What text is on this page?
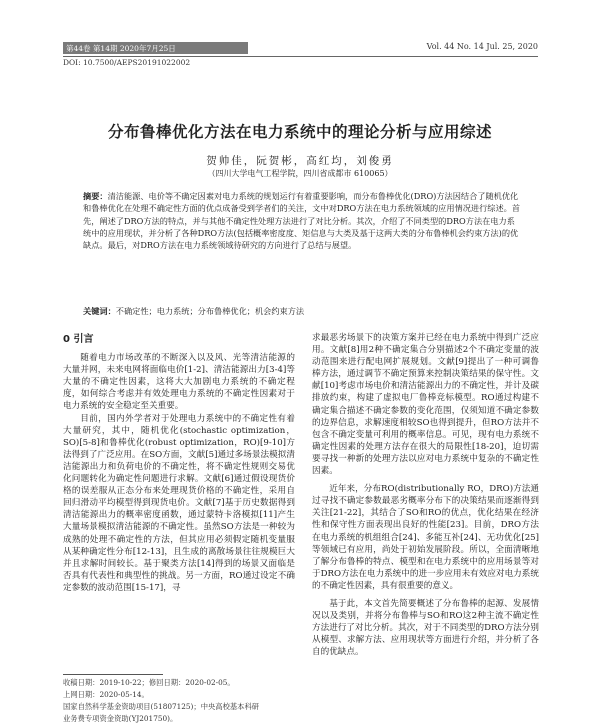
第44卷 第14期 2020年7月25日	Vol. 44 No. 14 Jul. 25, 2020
DOI: 10.7500/AEPS20191022002
分布鲁棒优化方法在电力系统中的理论分析与应用综述
贺帅佳，阮贺彬，高红均，刘俊勇
（四川大学电气工程学院，四川省成都市 610065）
摘要：清洁能源、电价等不确定因素对电力系统的规划运行有着重要影响，而分布鲁棒优化(DRO)方法因结合了随机优化和鲁棒优化在处理不确定性方面的优点成备受到学者们的关注，文中对DRO方法在电力系统领域的应用情况进行综述。首先，阐述了DRO方法的特点，并与其他不确定性处理方法进行了对比分析。其次，介绍了不同类型的DRO方法在电力系统中的应用现状，并分析了各种DRO方法(包括概率密度度、矩信息与大类及基于这两大类的分布鲁棒机会约束方法)的优缺点。最后，对DRO方法在电力系统领域待研究的方向进行了总结与展望。
关键词：不确定性；电力系统；分布鲁棒优化；机会约束方法
0 引言

随着电力市场改革的不断深入以及风、光等清洁能源的大量并网，未来电网将面临电价[1-2]、清洁能源出力[3-4]等大量的不确定性因素，这将大大加剧电力系统的不确定程度，如何综合考虑并有效处理电力系统的不确定性因素对于电力系统的安全稳定至关重要。

目前，国内外学者对于处理电力系统中的不确定性有着大量研究，其中，随机优化(stochastic optimization，SO)[5-8]和鲁棒优化(robust optimization，RO)[9-10]方法得到了广泛应用。在SO方面，文献[5]通过多场景法模拟清洁能源出力和负荷电价的不确定性，将不确定性规则交易优化问题转化为确定性问题进行求解。文献[6]通过假设现货价格的误差服从正态分布来处理现货价格的不确定性，采用自回归滑动平均模型得到现货电价。文献[7]基于历史数据得到清洁能源出力的概率密度函数，通过蒙特卡洛模拟[11]产生大量场景模拟清洁能源的不确定性。虽然SO方法是一种较为成熟的处理不确定性的方法，但其应用必须假定随机变量服从某种确定性分布[12-13]，且生成的离散场景往往规模巨大并且求解时间较长。基于聚类方法[14]得到的场景又面临是否具有代表性和典型性的挑战。另一方面，RO通过设定不确定参数的波动范围[15-17]，寻

求最恶劣场景下的决策方案并已经在电力系统中得到广泛应用。文献[8]用2种不确定集合分别描述2个不确定变量的波动范围来进行配电网扩展规划。文献[9]提出了一种可调鲁棒方法，通过调节不确定预算来控制决策结果的保守性。文献[10]考虑市场电价和清洁能源出力的不确定性，并计及碳排放约束，构建了虚拟电厂鲁棒竞标模型。RO通过构建不确定集合描述不确定参数的变化范围，仅须知道不确定参数的边界信息，求解速度相较SO也得到提升，但RO方法并不包含不确定变量可利用的概率信息。可见，现有电力系统不确定性因素的处理方法存在很大的局限性[18-20]，迫切需要寻找一种新的处理方法以应对电力系统中复杂的不确定性因素。

近年来，分布RO(distributionally RO，DRO)方法通过寻找不确定参数最恶劣概率分布下的决策结果而逐渐得到关注[21-22]，其结合了SO和RO的优点，优化结果在经济性和保守性方面表现出良好的性能[23]。目前，DRO方法在电力系统的机组组合[24]、多能互补[24]、无功优化[25]等领域已有应用，尚处于初始发展阶段。所以，全面清晰地了解分布鲁棒的特点、模型和在电力系统中的应用场景等对于DRO方法在电力系统中的进一步应用未有效应对电力系统的不确定性因素，具有很重要的意义。

基于此，本文首先简要概述了分布鲁棒的起源、发展情况以及类别，并将分布鲁棒与SO和RO这2种主流不确定性方法进行了对比分析。其次，对于不同类型的DRO方法分别从模型、求解方法、应用现状等方面进行介绍，并分析了各自的优缺点。

收稿日期：2019-10-22；修回日期：2020-02-05。
上网日期：2020-05-14。
国家自然科学基金资助项目(51807125)；中央高校基本科研
业务费专项资金资助(YJ201750)。
